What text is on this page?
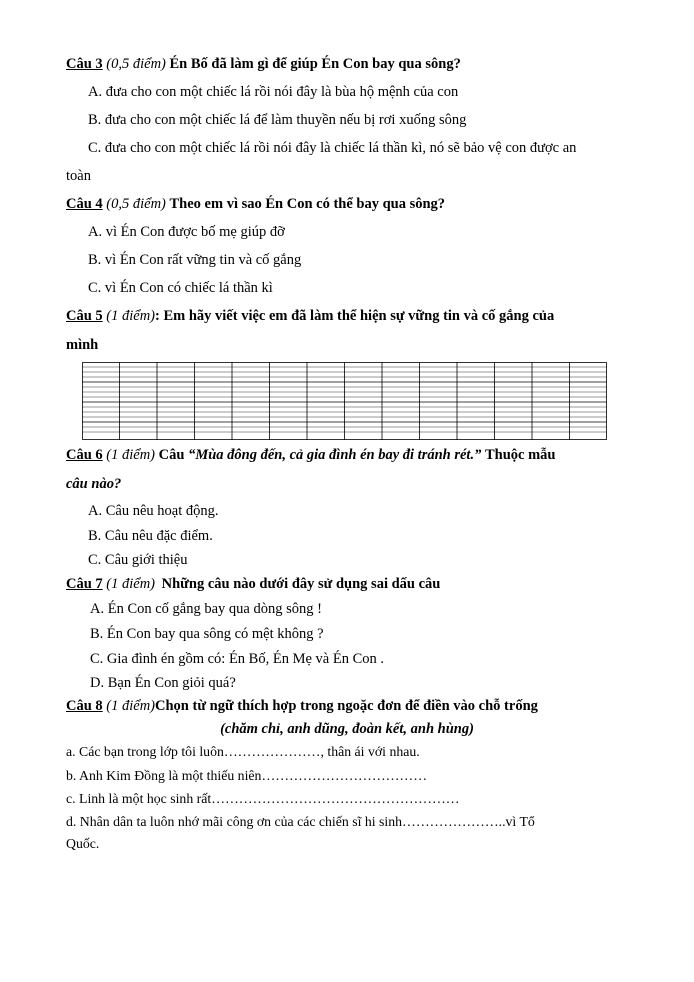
Câu 3 (0,5 điểm) Én Bố đã làm gì để giúp Én Con bay qua sông?
A. đưa cho con một chiếc lá rồi nói đây là bùa hộ mệnh của con
B. đưa cho con một chiếc lá để làm thuyền nếu bị rơi xuống sông
C. đưa cho con một chiếc lá rồi nói đây là chiếc lá thần kì, nó sẽ bảo vệ con được an
toàn
Câu 4 (0,5 điểm) Theo em vì sao Én Con có thể bay qua sông?
A. vì Én Con được bố mẹ giúp đỡ
B. vì Én Con rất vững tin và cố gắng
C. vì Én Con có chiếc lá thần kì
Câu 5 (1 điểm): Em hãy viết việc em đã làm thể hiện sự vững tin và cố gắng của
mình
Câu 6 (1 điểm) Câu “Mùa đông đến, cả gia đình én bay đi tránh rét.” Thuộc mẫu
câu nào?
A. Câu nêu hoạt động.
B. Câu nêu đặc điểm.
C. Câu giới thiệu
Câu 7 (1 điểm) Những câu nào dưới đây sử dụng sai dấu câu
A. Én Con cố gắng bay qua dòng sông !
B. Én Con bay qua sông có mệt không ?
C. Gia đình én gồm có: Én Bố, Én Mẹ và Én Con .
D. Bạn Én Con giỏi quá?
Câu 8 (1 điểm)Chọn từ ngữ thích hợp trong ngoặc đơn để điền vào chỗ trống
(chăm chỉ, anh dũng, đoàn kết, anh hùng)
a. Các bạn trong lớp tôi luôn…………………, thân ái với nhau.
b. Anh Kim Đồng là một thiếu niên………………………………
c. Linh là một học sinh rất………………………………………………
d. Nhân dân ta luôn nhớ mãi công ơn của các chiến sĩ hi sinh…………………..vì Tổ
Quốc.
